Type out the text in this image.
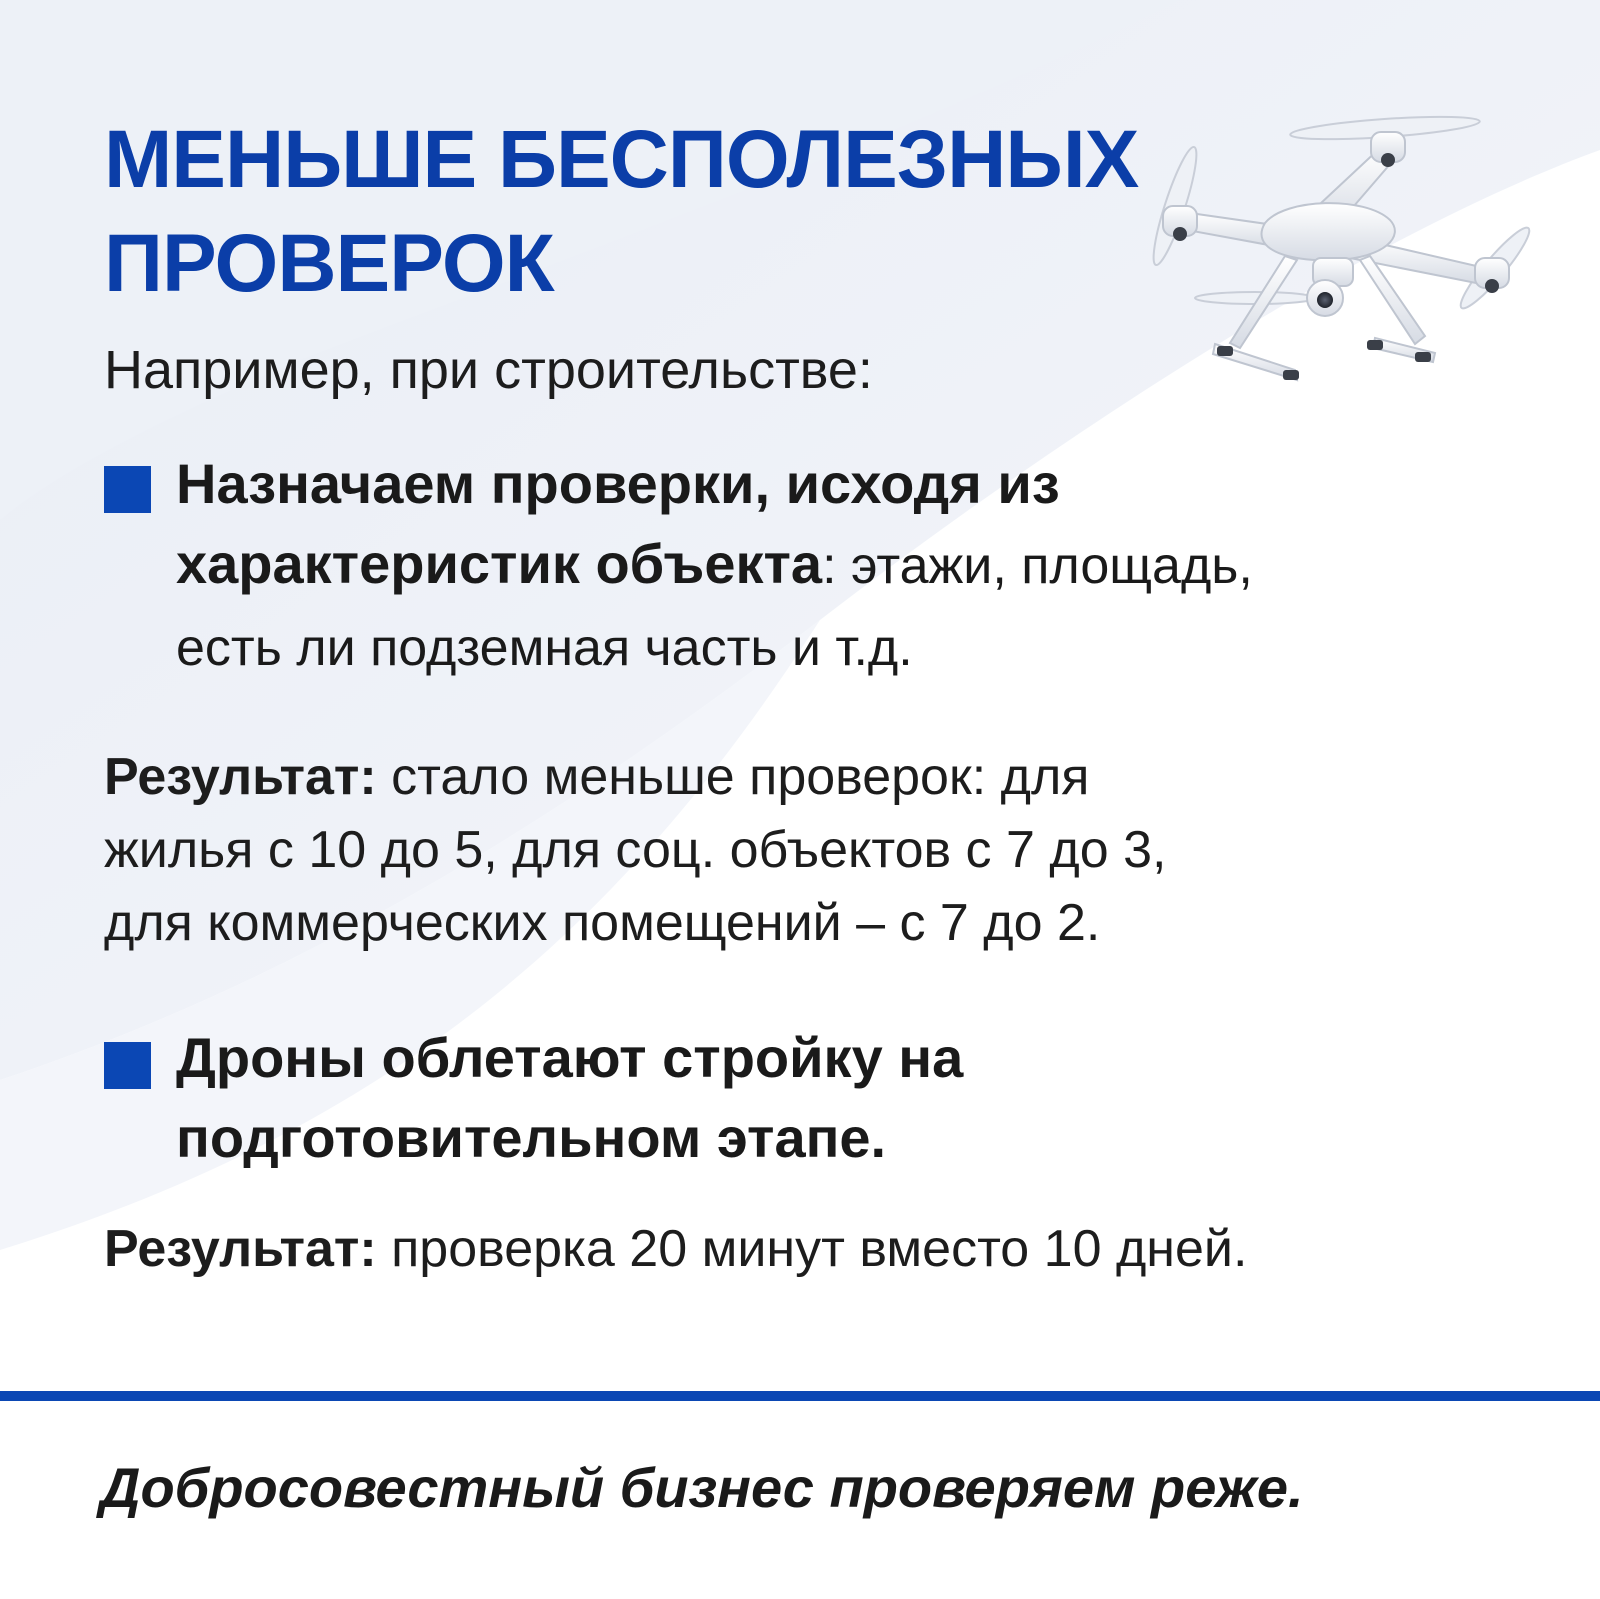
МЕНЬШЕ БЕСПОЛЕЗНЫХ
ПРОВЕРОК
Например, при строительстве:
Назначаем проверки, исходя из
характеристик объекта: этажи, площадь,
есть ли подземная часть и т.д.
Результат: стало меньше проверок: для
жилья с 10 до 5, для соц. объектов с 7 до 3,
для коммерческих помещений – с 7 до 2.
Дроны облетают стройку на
подготовительном этапе.
Результат: проверка 20 минут вместо 10 дней.
Добросовестный бизнес проверяем реже.
